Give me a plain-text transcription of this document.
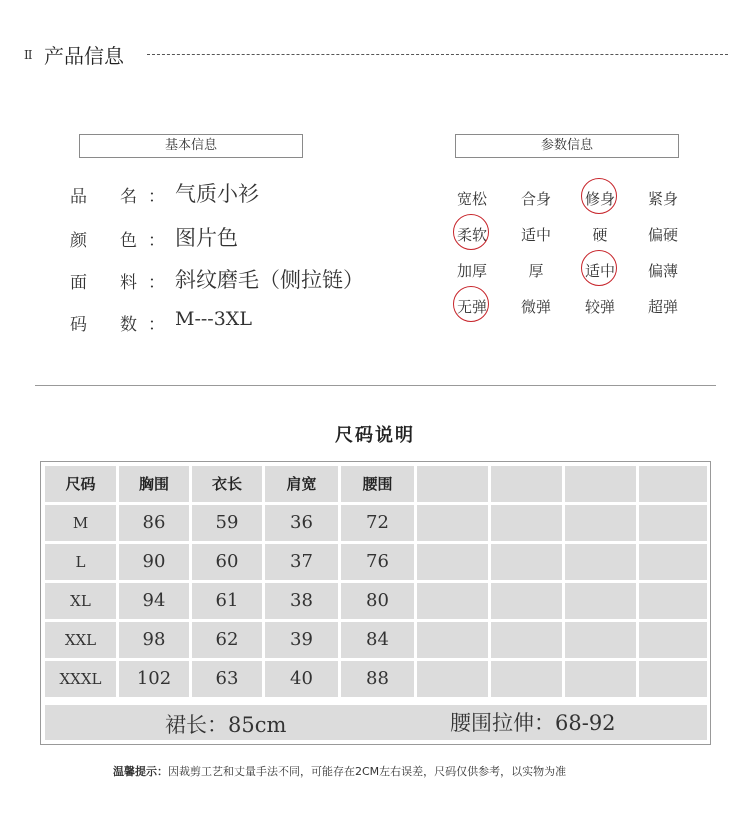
II 产品信息
基本信息	参数信息
品 名 ： 气质小衫
颜 色 ： 图片色
面 料 ： 斜纹磨毛（侧拉链）
码 数 ： M---3XL
宽松	合身	修身	紧身
柔软	适中	硬	偏硬
加厚	厚	适中	偏薄
无弹	微弹	较弹	超弹
尺码说明
尺码	胸围	衣长	肩宽	腰围
M	86	59	36	72
L	90	60	37	76
XL	94	61	38	80
XXL	98	62	39	84
XXXL	102	63	40	88
裙长：85cm	腰围拉伸：68-92
温馨提示：因裁剪工艺和丈量手法不同，可能存在2CM左右误差，尺码仅供参考，以实物为准
